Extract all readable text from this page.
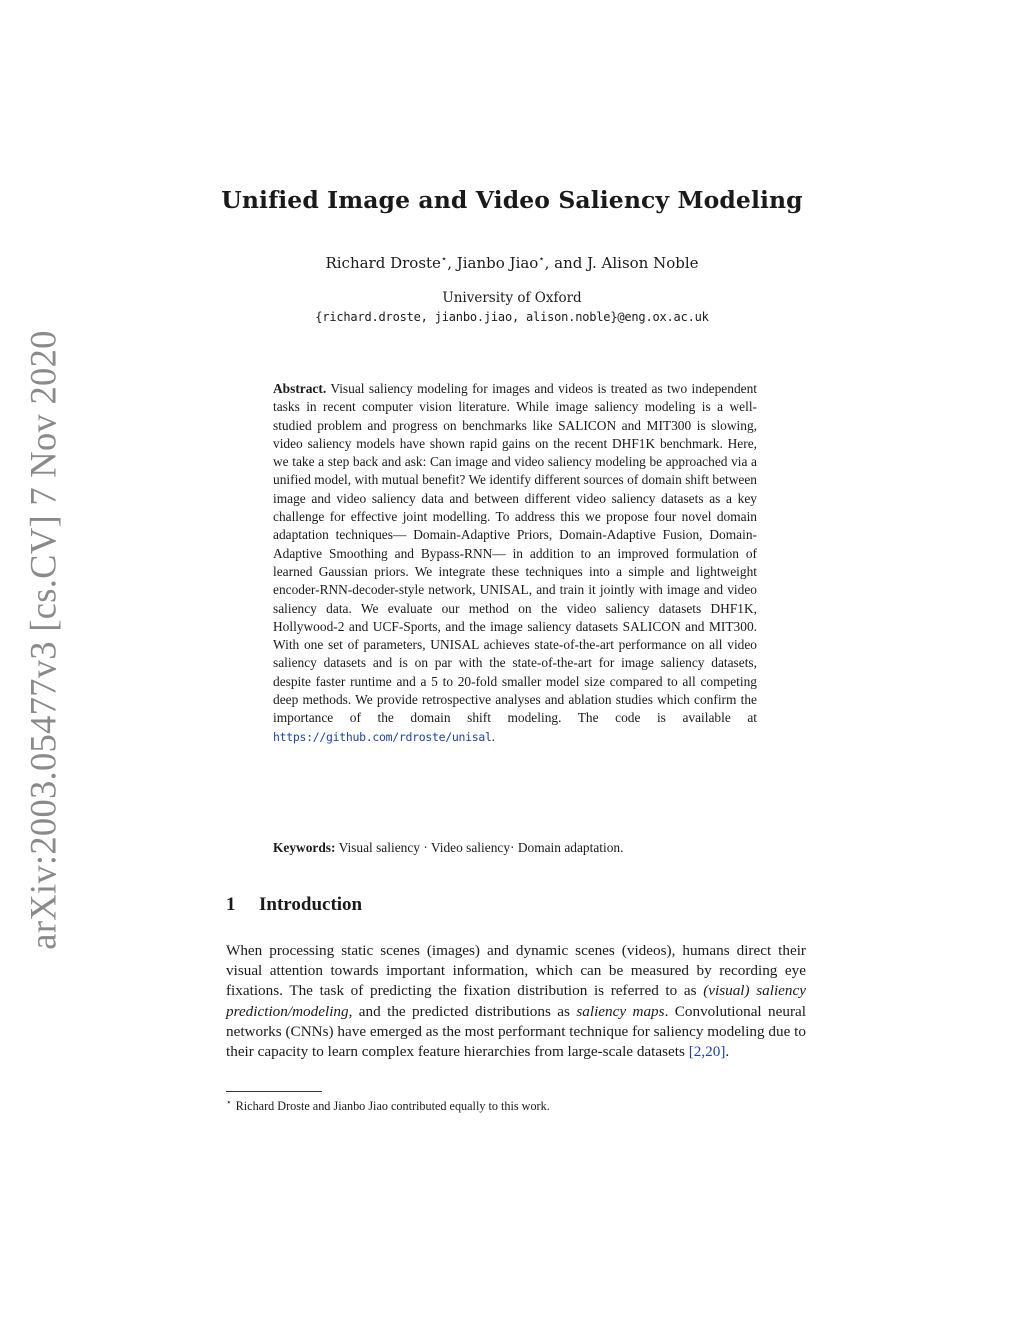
arXiv:2003.05477v3 [cs.CV] 7 Nov 2020
Unified Image and Video Saliency Modeling
Richard Droste⋆, Jianbo Jiao⋆, and J. Alison Noble
University of Oxford
{richard.droste, jianbo.jiao, alison.noble}@eng.ox.ac.uk
Abstract. Visual saliency modeling for images and videos is treated as two independent tasks in recent computer vision literature. While image saliency modeling is a well-studied problem and progress on benchmarks like SALICON and MIT300 is slowing, video saliency models have shown rapid gains on the recent DHF1K benchmark. Here, we take a step back and ask: Can image and video saliency modeling be approached via a unified model, with mutual benefit? We identify different sources of domain shift between image and video saliency data and between different video saliency datasets as a key challenge for effective joint modelling. To address this we propose four novel domain adaptation techniques— Domain-Adaptive Priors, Domain-Adaptive Fusion, Domain-Adaptive Smoothing and Bypass-RNN— in addition to an improved formulation of learned Gaussian priors. We integrate these techniques into a simple and lightweight encoder-RNN-decoder-style network, UNISAL, and train it jointly with image and video saliency data. We evaluate our method on the video saliency datasets DHF1K, Hollywood-2 and UCF-Sports, and the image saliency datasets SALICON and MIT300. With one set of parameters, UNISAL achieves state-of-the-art performance on all video saliency datasets and is on par with the state-of-the-art for image saliency datasets, despite faster runtime and a 5 to 20-fold smaller model size compared to all competing deep methods. We provide retrospective analyses and ablation studies which confirm the importance of the domain shift modeling. The code is available at https://github.com/rdroste/unisal.
Keywords: Visual saliency · Video saliency· Domain adaptation.
1 Introduction
When processing static scenes (images) and dynamic scenes (videos), humans direct their visual attention towards important information, which can be measured by recording eye fixations. The task of predicting the fixation distribution is referred to as (visual) saliency prediction/modeling, and the predicted distributions as saliency maps. Convolutional neural networks (CNNs) have emerged as the most performant technique for saliency modeling due to their capacity to learn complex feature hierarchies from large-scale datasets [2,20].
⋆ Richard Droste and Jianbo Jiao contributed equally to this work.
